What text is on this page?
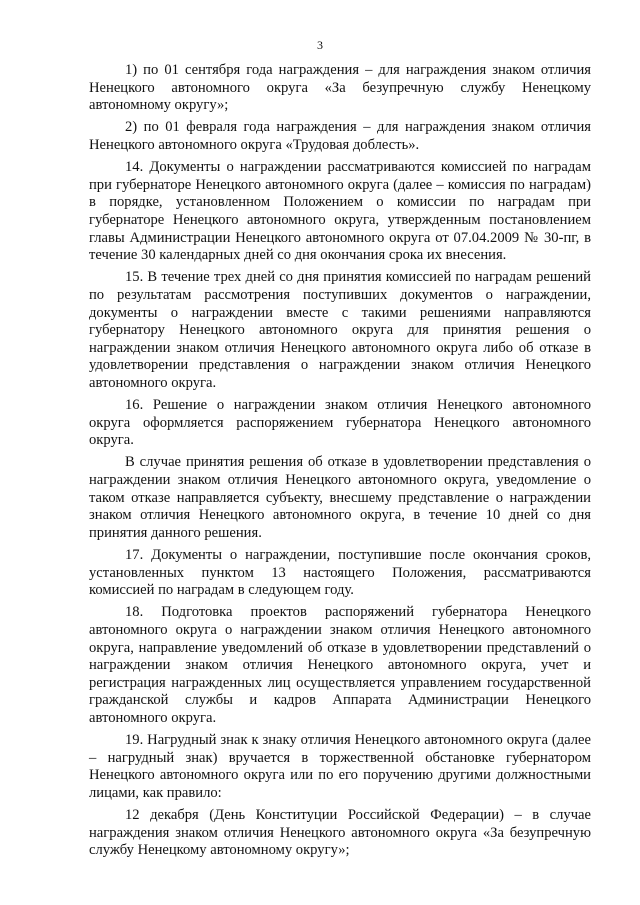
3

1) по 01 сентября года награждения – для награждения знаком отличия Ненецкого автономного округа «За безупречную службу Ненецкому автономному округу»;

2) по 01 февраля года награждения – для награждения знаком отличия Ненецкого автономного округа «Трудовая доблесть».

14. Документы о награждении рассматриваются комиссией по наградам при губернаторе Ненецкого автономного округа (далее – комиссия по наградам) в порядке, установленном Положением о комиссии по наградам при губернаторе Ненецкого автономного округа, утвержденным постановлением главы Администрации Ненецкого автономного округа от 07.04.2009 № 30-пг, в течение 30 календарных дней со дня окончания срока их внесения.

15. В течение трех дней со дня принятия комиссией по наградам решений по результатам рассмотрения поступивших документов о награждении, документы о награждении вместе с такими решениями направляются губернатору Ненецкого автономного округа для принятия решения о награждении знаком отличия Ненецкого автономного округа либо об отказе в удовлетворении представления о награждении знаком отличия Ненецкого автономного округа.

16. Решение о награждении знаком отличия Ненецкого автономного округа оформляется распоряжением губернатора Ненецкого автономного округа.

В случае принятия решения об отказе в удовлетворении представления о награждении знаком отличия Ненецкого автономного округа, уведомление о таком отказе направляется субъекту, внесшему представление о награждении знаком отличия Ненецкого автономного округа, в течение 10 дней со дня принятия данного решения.

17. Документы о награждении, поступившие после окончания сроков, установленных пунктом 13 настоящего Положения, рассматриваются комиссией по наградам в следующем году.

18. Подготовка проектов распоряжений губернатора Ненецкого автономного округа о награждении знаком отличия Ненецкого автономного округа, направление уведомлений об отказе в удовлетворении представлений о награждении знаком отличия Ненецкого автономного округа, учет и регистрация награжденных лиц осуществляется управлением государственной гражданской службы и кадров Аппарата Администрации Ненецкого автономного округа.

19. Нагрудный знак к знаку отличия Ненецкого автономного округа (далее – нагрудный знак) вручается в торжественной обстановке губернатором Ненецкого автономного округа или по его поручению другими должностными лицами, как правило:

12 декабря (День Конституции Российской Федерации) – в случае награждения знаком отличия Ненецкого автономного округа «За безупречную службу Ненецкому автономному округу»;
